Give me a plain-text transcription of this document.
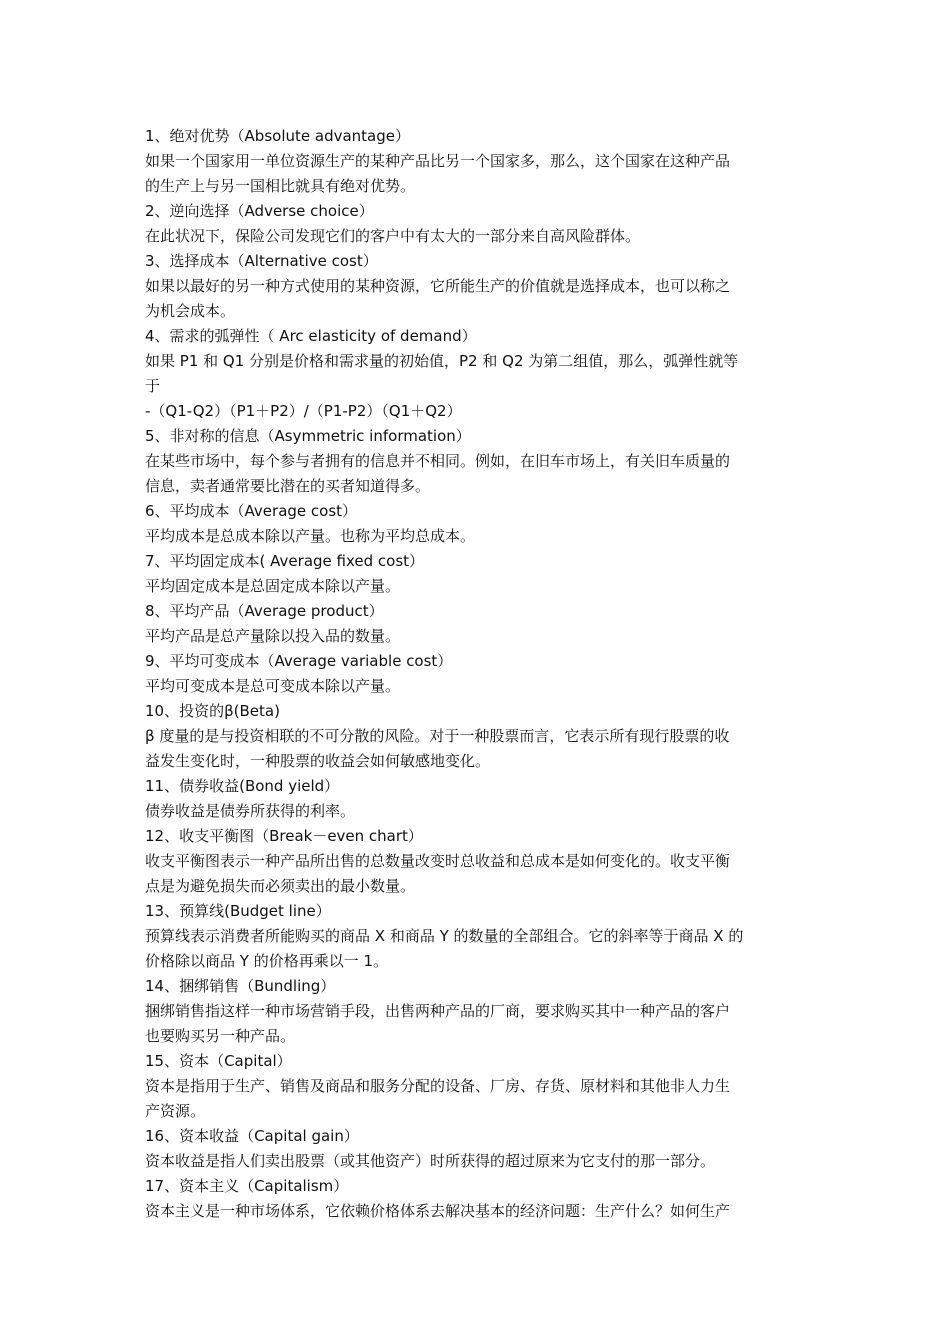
1、绝对优势（Absolute advantage）
如果一个国家用一单位资源生产的某种产品比另一个国家多，那么，这个国家在这种产品
的生产上与另一国相比就具有绝对优势。
2、逆向选择（Adverse choice）
在此状况下，保险公司发现它们的客户中有太大的一部分来自高风险群体。
3、选择成本（Alternative cost）
如果以最好的另一种方式使用的某种资源，它所能生产的价值就是选择成本，也可以称之
为机会成本。
4、需求的弧弹性（ Arc elasticity of demand）
如果 P1 和 Q1 分别是价格和需求量的初始值，P2 和 Q2 为第二组值，那么，弧弹性就等
于
-（Q1-Q2）（P1＋P2）/（P1-P2）（Q1＋Q2）
5、非对称的信息（Asymmetric information）
在某些市场中，每个参与者拥有的信息并不相同。例如，在旧车市场上，有关旧车质量的
信息，卖者通常要比潜在的买者知道得多。
6、平均成本（Average cost）
平均成本是总成本除以产量。也称为平均总成本。
7、平均固定成本( Average fixed cost）
平均固定成本是总固定成本除以产量。
8、平均产品（Average product）
平均产品是总产量除以投入品的数量。
9、平均可变成本（Average variable cost）
平均可变成本是总可变成本除以产量。
10、投资的β(Beta)
β 度量的是与投资相联的不可分散的风险。对于一种股票而言，它表示所有现行股票的收
益发生变化时，一种股票的收益会如何敏感地变化。
11、债券收益(Bond yield）
债券收益是债券所获得的利率。
12、收支平衡图（Break－even chart）
收支平衡图表示一种产品所出售的总数量改变时总收益和总成本是如何变化的。收支平衡
点是为避免损失而必须卖出的最小数量。
13、预算线(Budget line）
预算线表示消费者所能购买的商品 X 和商品 Y 的数量的全部组合。它的斜率等于商品 X 的
价格除以商品 Y 的价格再乘以一 1。
14、捆绑销售（Bundling）
捆绑销售指这样一种市场营销手段，出售两种产品的厂商，要求购买其中一种产品的客户
也要购买另一种产品。
15、资本（Capital）
资本是指用于生产、销售及商品和服务分配的设备、厂房、存货、原材料和其他非人力生
产资源。
16、资本收益（Capital gain）
资本收益是指人们卖出股票（或其他资产）时所获得的超过原来为它支付的那一部分。
17、资本主义（Capitalism）
资本主义是一种市场体系，它依赖价格体系去解决基本的经济问题：生产什么？如何生产
